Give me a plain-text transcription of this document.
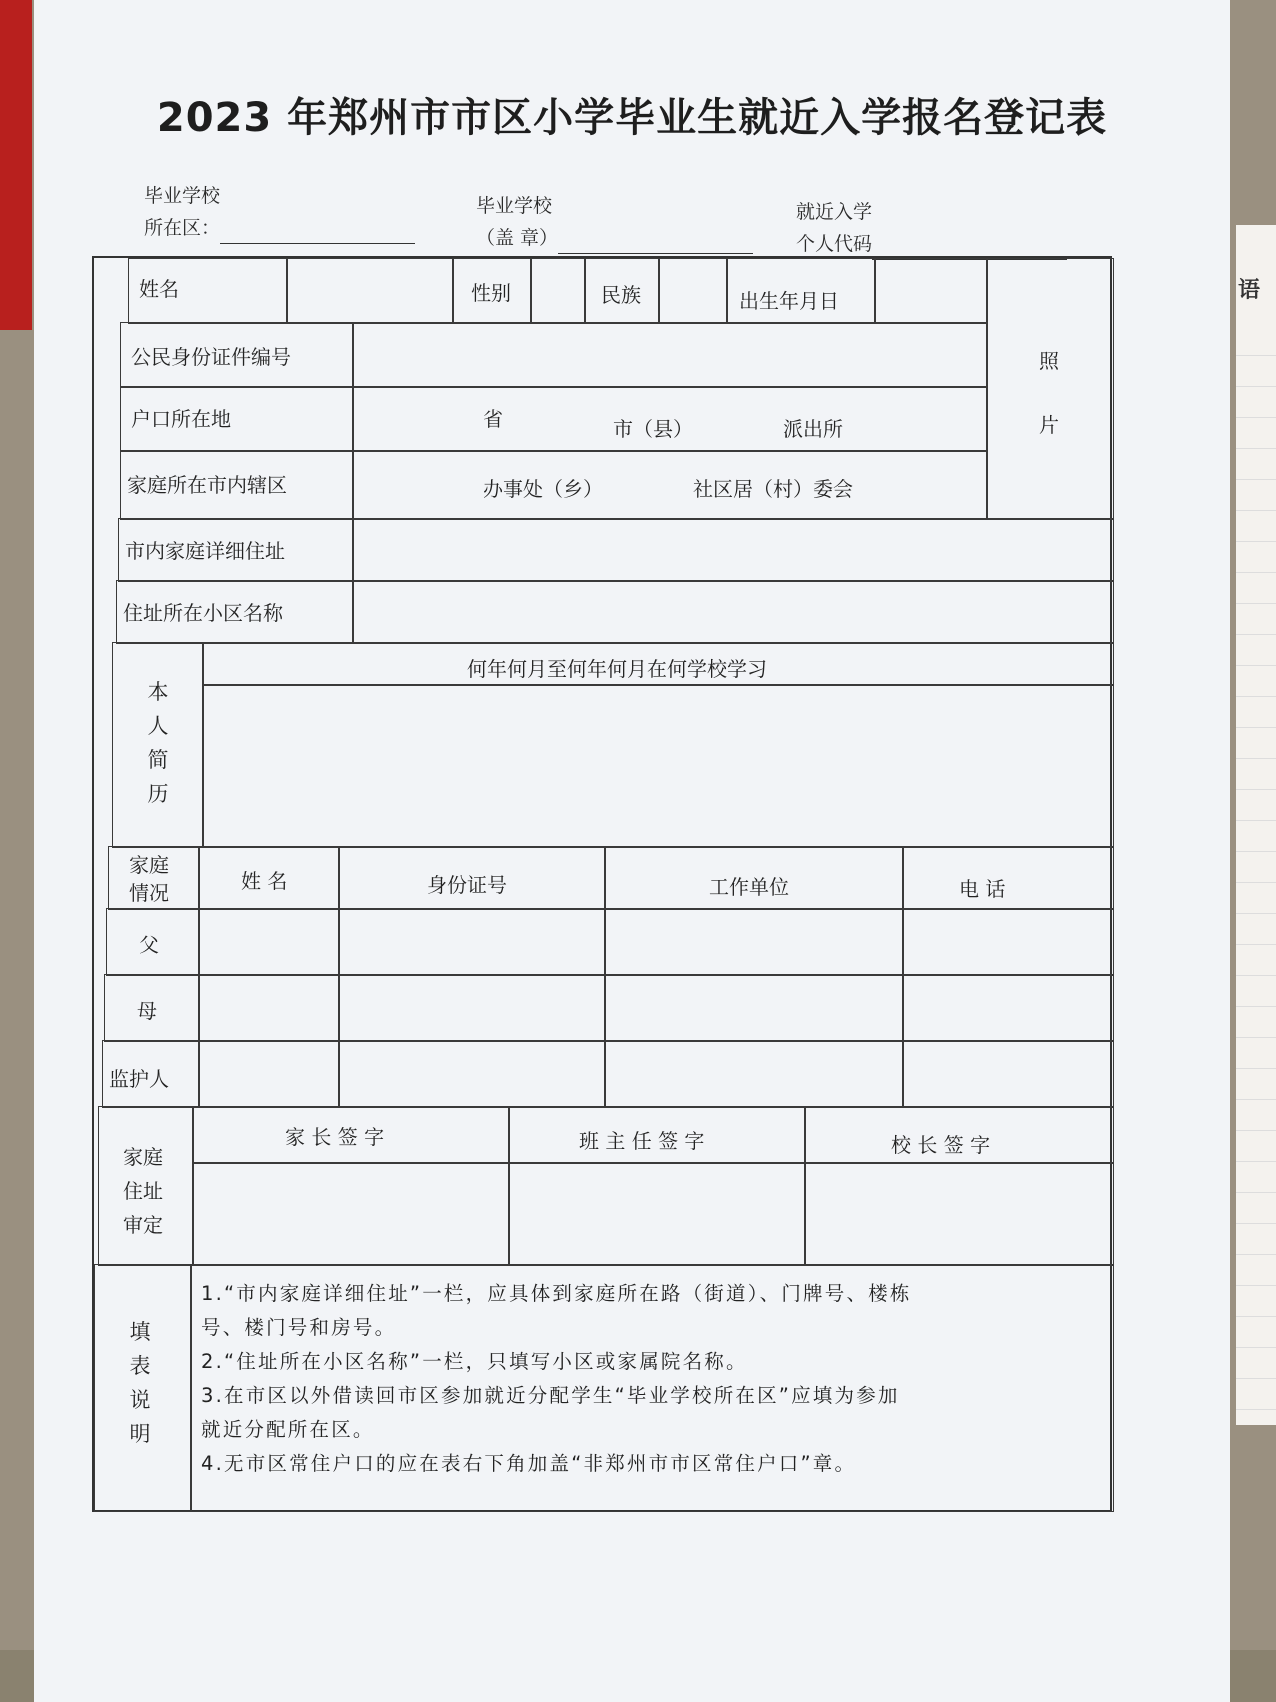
语
2023 年郑州市市区小学毕业生就近入学报名登记表
毕业学校
所在区：
毕业学校
（盖 章）
就近入学
个人代码
姓名	性别	民族	出生年月日
照
片
公民身份证件编号
户口所在地	省	市（县）	派出所
家庭所在市内辖区	办事处（乡）	社区居（村）委会
市内家庭详细住址
住址所在小区名称
本
人
简
历
何年何月至何年何月在何学校学习
家庭
情况	姓 名	身份证号	工作单位	电 话
父
母
监护人
家庭
住址
审定
家 长 签 字	班 主 任 签 字	校 长 签 字
填
表
说
明
1.“市内家庭详细住址”一栏，应具体到家庭所在路（街道）、门牌号、楼栋
号、楼门号和房号。
2.“住址所在小区名称”一栏，只填写小区或家属院名称。
3.在市区以外借读回市区参加就近分配学生“毕业学校所在区”应填为参加
就近分配所在区。
4.无市区常住户口的应在表右下角加盖“非郑州市市区常住户口”章。
